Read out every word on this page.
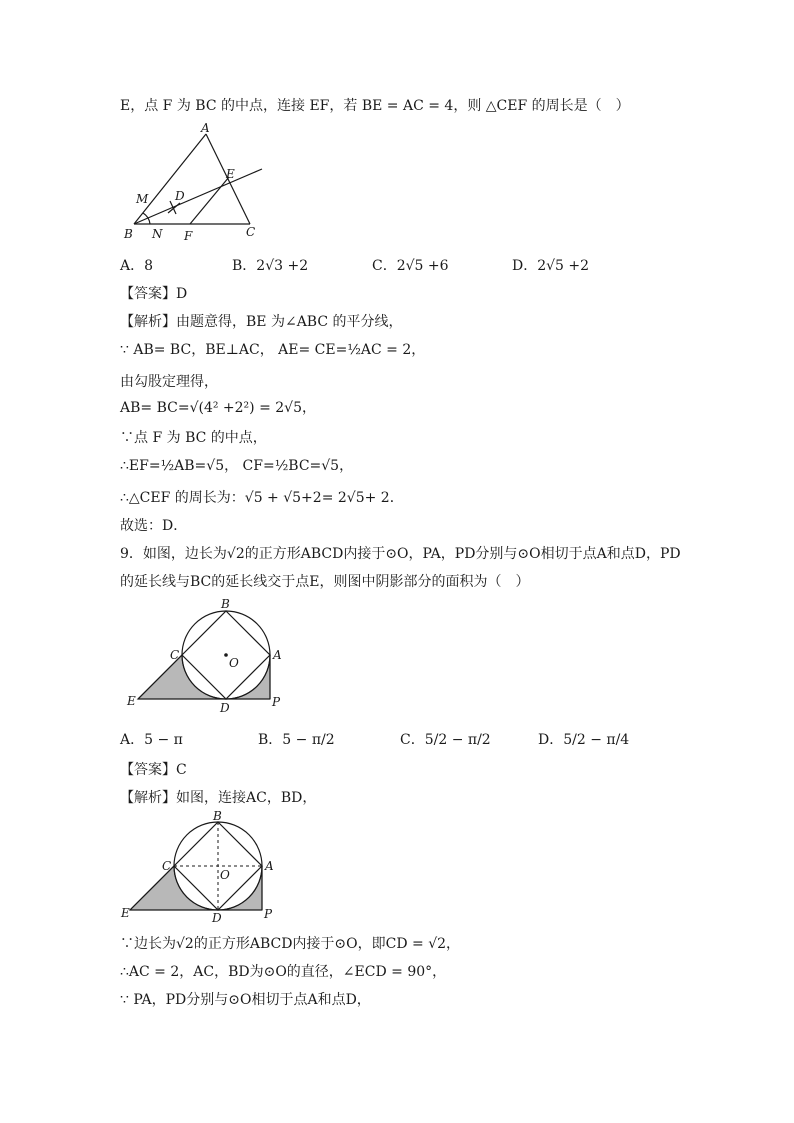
E，点 F 为 BC 的中点，连接 EF，若 BE = AC = 4，则 △CEF 的周长是（　）
A
E
M D
B N F	C
A．8	B．2√3 +2	C．2√5 +6	D．2√5 +2
【答案】D
【解析】由题意得，BE 为∠ABC 的平分线，
∵ AB= BC，BE⊥AC， AE= CE=½AC = 2，
由勾股定理得，
AB= BC=√(4² +2²) = 2√5，
∵点 F 为 BC 的中点，
∴EF=½AB=√5， CF=½BC=√5，
∴△CEF 的周长为：√5 + √5+2= 2√5+ 2．
故选：D．
9．如图，边长为√2的正方形ABCD内接于⊙O，PA，PD分别与⊙O相切于点A和点D，PD
的延长线与BC的延长线交于点E，则图中阴影部分的面积为（　）
B
C
O
A
E	D	P
A．5 − π	B．5 − π/2	C．5/2 − π/2	D．5/2 − π/4
【答案】C
【解析】如图，连接AC，BD，
B
C
O
A
E	D	P
∵边长为√2的正方形ABCD内接于⊙O，即CD = √2，
∴AC = 2，AC，BD为⊙O的直径，∠ECD = 90°，
∵ PA，PD分别与⊙O相切于点A和点D，
